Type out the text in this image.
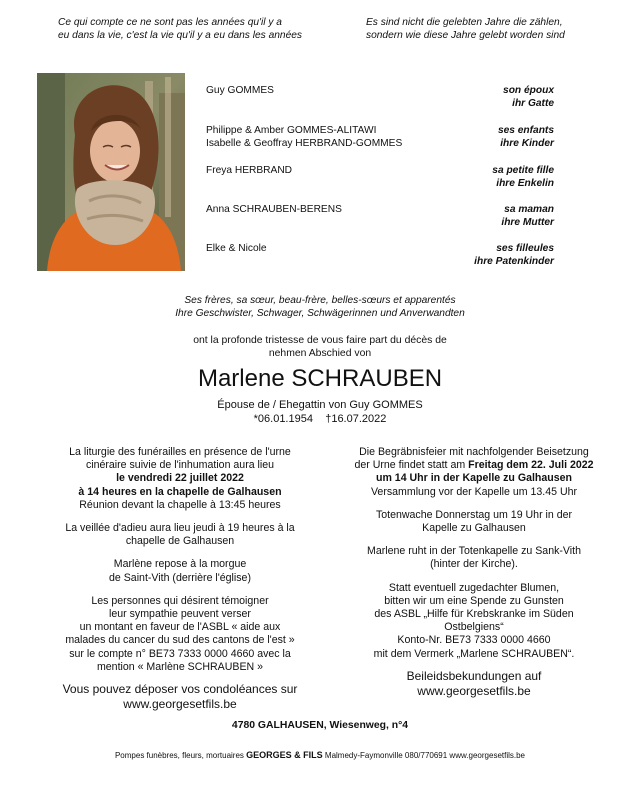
Ce qui compte ce ne sont pas les années qu'il y a
eu dans la vie, c'est la vie qu'il y a eu dans les années
Es sind nicht die gelebten Jahre die zählen,
sondern wie diese Jahre gelebt worden sind
Guy GOMMES	son époux
ihr Gatte
Philippe & Amber GOMMES-ALITAWI
Isabelle & Geoffray HERBRAND-GOMMES
ses enfants
ihre Kinder
Freya HERBRAND	sa petite fille
ihre Enkelin
Anna SCHRAUBEN-BERENS	sa maman
ihre Mutter
Elke & Nicole	ses filleules
ihre Patenkinder
Ses frères, sa sœur, beau-frère, belles-sœurs et apparentés
Ihre Geschwister, Schwager, Schwägerinnen und Anverwandten
ont la profonde tristesse de vous faire part du décès de
nehmen Abschied von
Marlene SCHRAUBEN
Épouse de / Ehegattin von Guy GOMMES
*06.01.1954 †16.07.2022

La liturgie des funérailles en présence de l'urne

cinéraire suivie de l'inhumation aura lieu

le vendredi 22 juillet 2022

à 14 heures en la chapelle de Galhausen

Réunion devant la chapelle à 13:45 heures

La veillée d'adieu aura lieu jeudi à 19 heures à la

chapelle de Galhausen

Marlène repose à la morgue

de Saint-Vith (derrière l'église)

Les personnes qui désirent témoigner

leur sympathie peuvent verser

un montant en faveur de l'ASBL « aide aux

malades du cancer du sud des cantons de l'est »

sur le compte n° BE73 7333 0000 4660 avec la

mention « Marlène SCHRAUBEN »

Vous pouvez déposer vos condoléances sur

www.georgesetfils.be

Die Begräbnisfeier mit nachfolgender Beisetzung

der Urne findet statt am Freitag dem 22. Juli 2022

um 14 Uhr in der Kapelle zu Galhausen

Versammlung vor der Kapelle um 13.45 Uhr

Totenwache Donnerstag um 19 Uhr in der

Kapelle zu Galhausen

Marlene ruht in der Totenkapelle zu Sank-Vith

(hinter der Kirche).

Statt eventuell zugedachter Blumen,

bitten wir um eine Spende zu Gunsten

des ASBL „Hilfe für Krebskranke im Süden

Ostbelgiens“

Konto-Nr. BE73 7333 0000 4660

mit dem Vermerk „Marlene SCHRAUBEN“.

Beileidsbekundungen auf

www.georgesetfils.be

4780 GALHAUSEN, Wiesenweg, n°4
Pompes funèbres, fleurs, mortuaires GEORGES & FILS Malmedy-Faymonville 080/770691 www.georgesetfils.be
